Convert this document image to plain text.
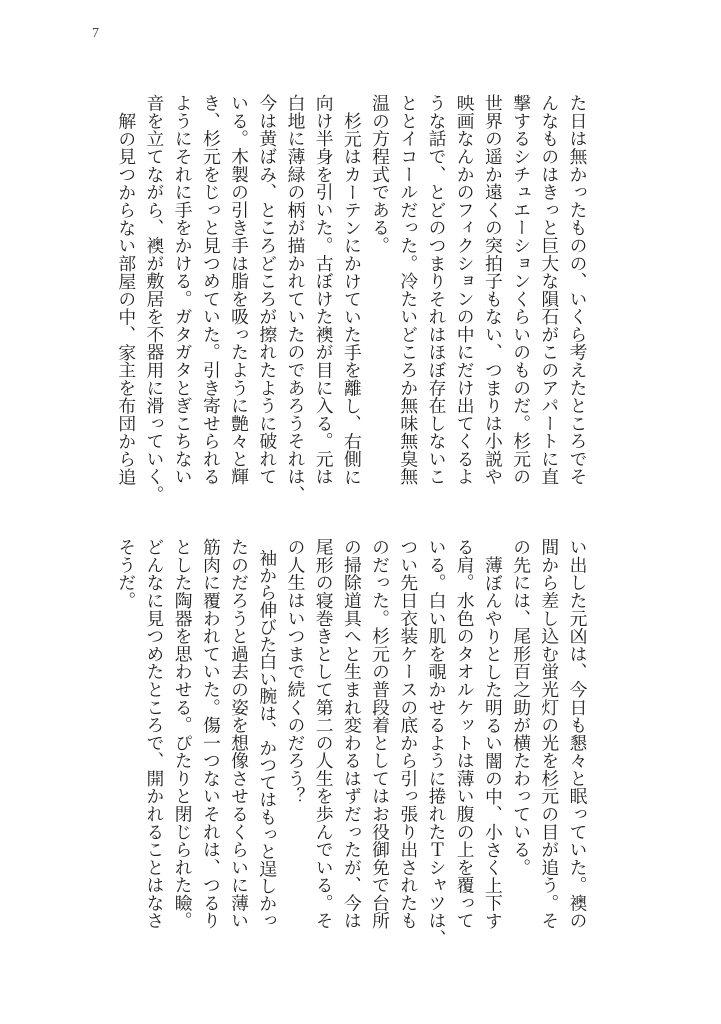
7
た日は無かったものの、いくら考えたところでそ
んなものはきっと巨大な隕石がこのアパートに直
撃するシチュエーションくらいのものだ。杉元の
世界の遥か遠くの突拍子もない、つまりは小説や
映画なんかのフィクションの中にだけ出てくるよ
うな話で、とどのつまりそれはほぼ存在しないこ
ととイコールだった。冷たいどころか無味無臭無
温の方程式である。
杉元はカーテンにかけていた手を離し、右側に
向け半身を引いた。古ぼけた襖が目に入る。元は
白地に薄緑の柄が描かれていたのであろうそれは、
今は黄ばみ、ところどころが擦れたように破れて
いる。木製の引き手は脂を吸ったように艶々と輝
き、杉元をじっと見つめていた。引き寄せられる
ようにそれに手をかける。ガタガタとぎこちない
音を立てながら、襖が敷居を不器用に滑っていく。
解の見つからない部屋の中、家主を布団から追
い出した元凶は、今日も懇々と眠っていた。襖の
間から差し込む蛍光灯の光を杉元の目が追う。そ
の先には、尾形百之助が横たわっている。
薄ぼんやりとした明るい闇の中、小さく上下す
る肩。水色のタオルケットは薄い腹の上を覆って
いる。白い肌を覗かせるように捲れたＴシャツは、
つい先日衣装ケースの底から引っ張り出されたも
のだった。杉元の普段着としてはお役御免で台所
の掃除道具へと生まれ変わるはずだったが、今は
尾形の寝巻きとして第二の人生を歩んでいる。そ
の人生はいつまで続くのだろう？
袖から伸びた白い腕は、かつてはもっと逞しかっ
たのだろうと過去の姿を想像させるくらいに薄い
筋肉に覆われていた。傷一つないそれは、つるり
とした陶器を思わせる。ぴたりと閉じられた瞼。
どんなに見つめたところで、開かれることはなさ
そうだ。
